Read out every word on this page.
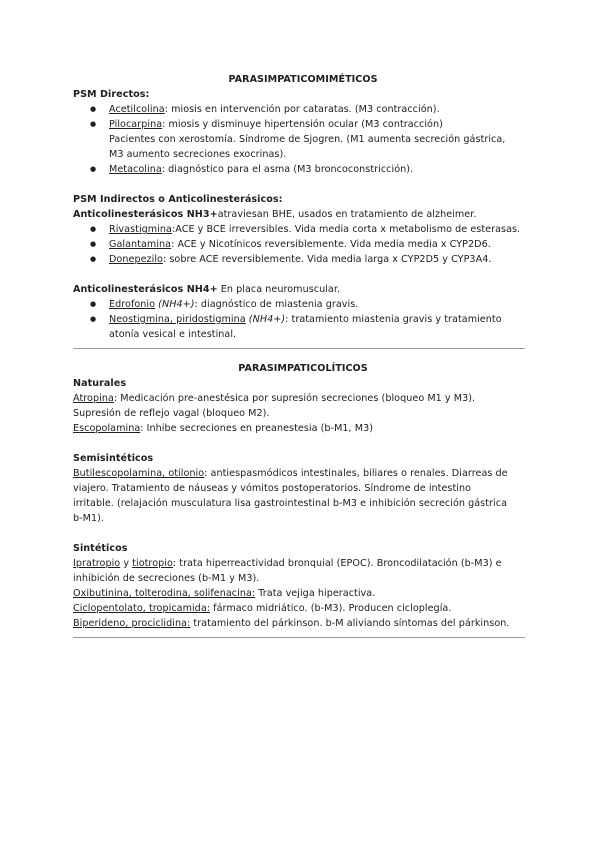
PARASIMPATICOMIMÉTICOS
PSM Directos:
● Acetilcolina: miosis en intervención por cataratas. (M3 contracción).
● Pilocarpina: miosis y disminuye hipertensión ocular (M3 contracción)
Pacientes con xerostomía. Síndrome de Sjogren. (M1 aumenta secreción gástrica,
M3 aumento secreciones exocrinas).
● Metacolina: diagnóstico para el asma (M3 broncoconstricción).
PSM Indirectos o Anticolinesterásicos:
Anticolinesterásicos NH3+atraviesan BHE, usados en tratamiento de alzheimer.
● Rivastigmina:ACE y BCE irreversibles. Vida media corta x metabolismo de esterasas.
● Galantamina: ACE y Nicotínicos reversiblemente. Vida media media x CYP2D6.
● Donepezilo: sobre ACE reversiblemente. Vida media larga x CYP2D5 y CYP3A4.
Anticolinesterásicos NH4+ En placa neuromuscular.
● Edrofonio (NH4+): diagnóstico de miastenia gravis.
● Neostigmina, piridostigmina (NH4+): tratamiento miastenia gravis y tratamiento
atonía vesical e intestinal.
PARASIMPATICOLÍTICOS
Naturales
Atropina: Medicación pre-anestésica por supresión secreciones (bloqueo M1 y M3).
Supresión de reflejo vagal (bloqueo M2).
Escopolamina: Inhibe secreciones en preanestesia (b-M1, M3)
Semisintéticos
Butilescopolamina, otilonio: antiespasmódicos intestinales, biliares o renales. Diarreas de
viajero. Tratamiento de náuseas y vómitos postoperatorios. Síndrome de intestino
irritable. (relajación musculatura lisa gastrointestinal b-M3 e inhibición secreción gástrica
b-M1).
Sintéticos
Ipratropio y tiotropio: trata hiperreactividad bronquial (EPOC). Broncodilatación (b-M3) e
inhibición de secreciones (b-M1 y M3).
Oxibutinina, tolterodina, solifenacina: Trata vejiga hiperactiva.
Ciclopentolato, tropicamida: fármaco midriático. (b-M3). Producen cicloplegía.
Biperideno, prociclidina: tratamiento del párkinson. b-M aliviando síntomas del párkinson.
